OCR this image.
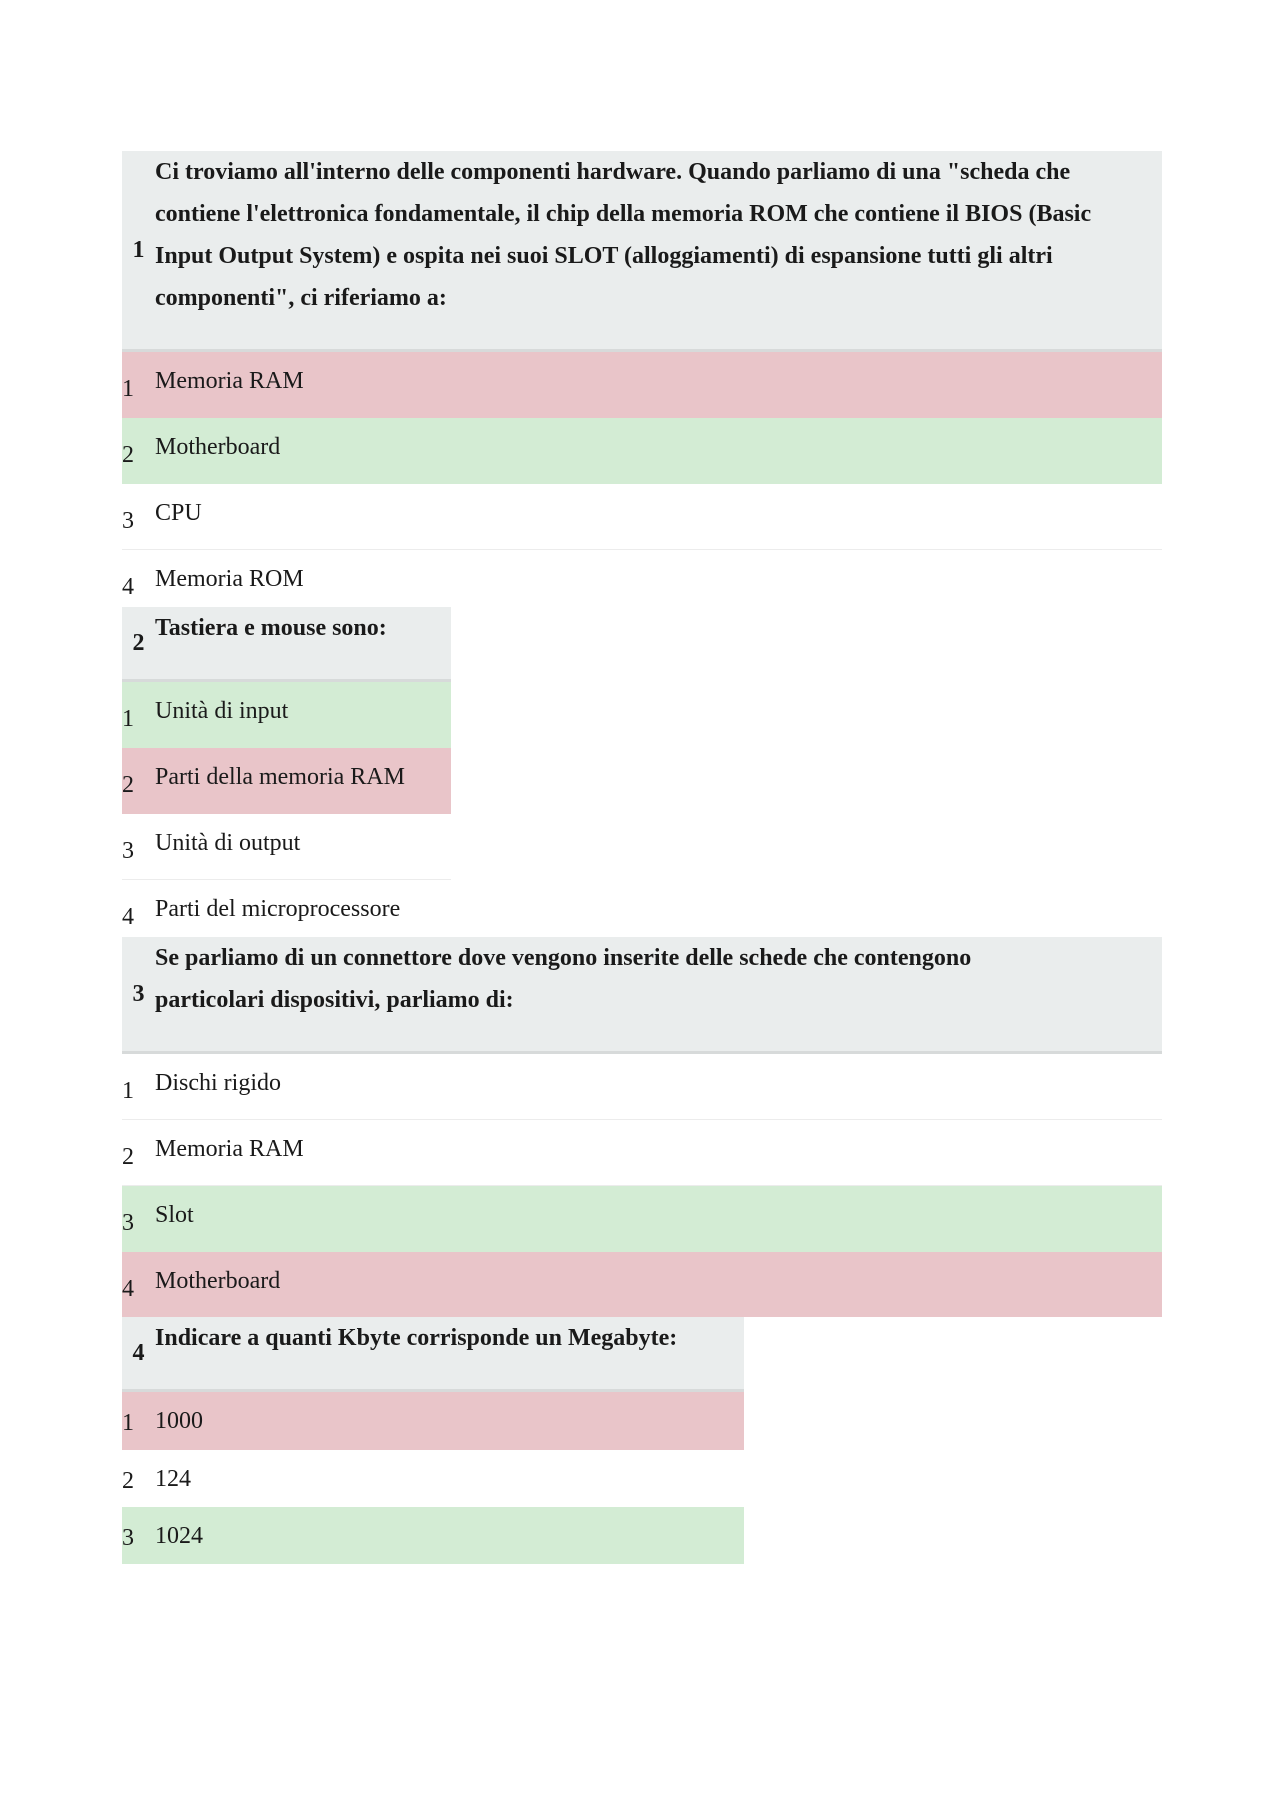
1	Ci troviamo all'interno delle componenti hardware. Quando parliamo di una "scheda che contiene l'elettronica fondamentale, il chip della memoria ROM che contiene il BIOS (Basic Input Output System) e ospita nei suoi SLOT (alloggiamenti) di espansione tutti gli altri componenti", ci riferiamo a:
1	Memoria RAM
2	Motherboard
3	CPU
4	Memoria ROM
2	Tastiera e mouse sono:
1	Unità di input
2	Parti della memoria RAM
3	Unità di output
4	Parti del microprocessore
3	Se parliamo di un connettore dove vengono inserite delle schede che contengono particolari dispositivi, parliamo di:
1	Dischi rigido
2	Memoria RAM
3	Slot
4	Motherboard
4	Indicare a quanti Kbyte corrisponde un Megabyte:
1	1000
2	124
3	1024
